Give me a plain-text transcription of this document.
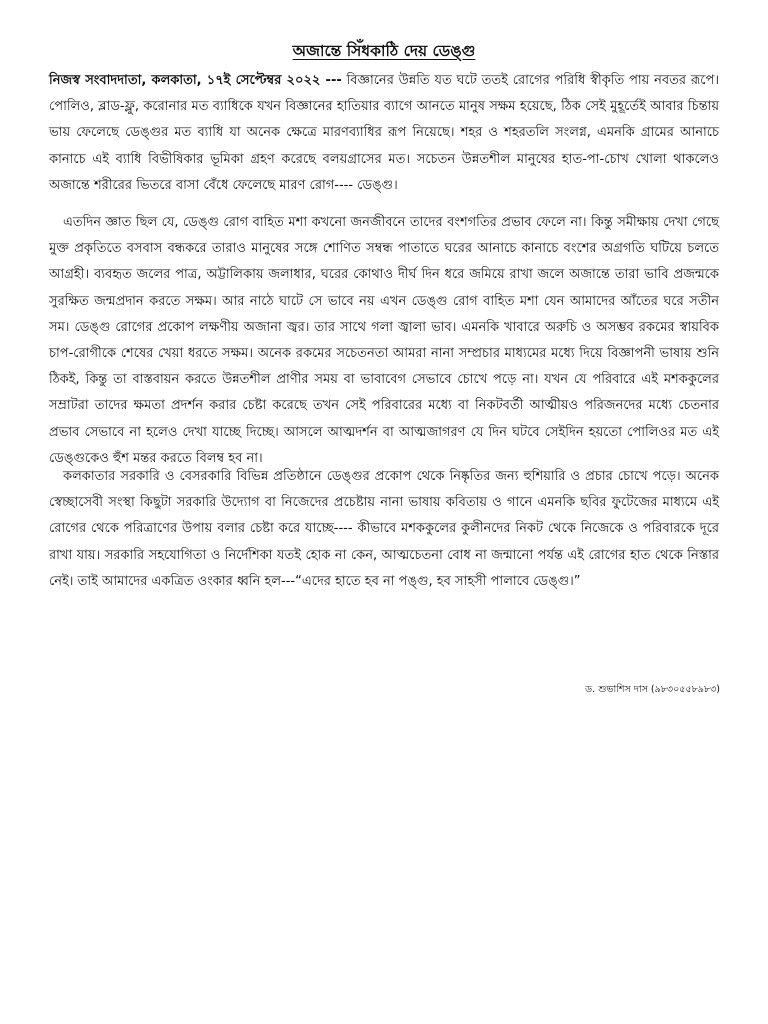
অজান্তে সিঁধকাঠি দেয় ডেঙ্গু

নিজস্ব সংবাদদাতা, কলকাতা, ১৭ই সেপ্টেম্বর ২০২২ --- বিজ্ঞানের উন্নতি যত ঘটে ততই রোগের পরিধি স্বীকৃতি পায় নবতর রূপে। পোলিও, ব্লাড-ফ্লু, করোনার মত ব্যাধিকে যখন বিজ্ঞানের হাতিয়ার ব্যাগে আনতে মানুষ সক্ষম হয়েছে, ঠিক সেই মুহূর্তেই আবার চিন্তায় ভায় ফেলেছে ডেঙ্গুর মত ব্যাধি যা অনেক ক্ষেত্রে মারণব্যাধির রূপ নিয়েছে। শহর ও শহরতলি সংলগ্ন, এমনকি গ্রামের আনাচে কানাচে এই ব্যাধি বিভীষিকার ভূমিকা গ্রহণ করেছে বলয়গ্রাসের মত। সচেতন উন্নতশীল মানুষের হাত-পা-চোখ খোলা থাকলেও অজান্তে শরীরের ভিতরে বাসা বেঁধে ফেলেছে মারণ রোগ---- ডেঙ্গু।

এতদিন জ্ঞাত ছিল যে, ডেঙ্গু রোগ বাহিত মশা কখনো জনজীবনে তাদের বংশগতির প্রভাব ফেলে না। কিন্তু সমীক্ষায় দেখা গেছে মুক্ত প্রকৃতিতে বসবাস বন্ধকরে তারাও মানুষের সঙ্গে শোণিত সম্বন্ধ পাতাতে ঘরের আনাচে কানাচে বংশের অগ্রগতি ঘটিয়ে চলতে আগ্রহী। ব্যবহৃত জলের পাত্র, অট্টালিকায় জলাধার, ঘরের কোথাও দীর্ঘ দিন ধরে জমিয়ে রাখা জলে অজান্তে তারা ভাবি প্রজন্মকে সুরক্ষিত জন্মপ্রদান করতে সক্ষম। আর নাঠে ঘাটে সে ভাবে নয় এখন ডেঙ্গু রোগ বাহিত মশা যেন আমাদের আঁতের ঘরে সতীন সম। ডেঙ্গু রোগের প্রকোপ লক্ষণীয় অজানা জ্বর। তার সাথে গলা জ্বালা ভাব। এমনকি খাবারে অরুচি ও অসম্ভব রকমের স্বায়বিক চাপ-রোগীকে শেষের খেয়া ধরতে সক্ষম। অনেক রকমের সচেতনতা আমরা নানা সম্প্রচার মাধ্যমের মধ্যে দিয়ে বিজ্ঞাপনী ভাষায় শুনি ঠিকই, কিন্তু তা বাস্তবায়ন করতে উন্নতশীল প্রাণীর সময় বা ভাবাবেগ সেভাবে চোখে পড়ে না। যখন যে পরিবারে এই মশককুলের সম্রাটরা তাদের ক্ষমতা প্রদর্শন করার চেষ্টা করেছে তখন সেই পরিবারের মধ্যে বা নিকটবর্তী আত্মীয়ও পরিজনদের মধ্যে চেতনার প্রভাব সেভাবে না হলেও দেখা যাচ্ছে দিচ্ছে। আসলে আত্মদর্শন বা আত্মজাগরণ যে দিন ঘটবে সেইদিন হয়তো পোলিওর মত এই ডেঙ্গুকেও হুঁশ মন্তর করতে বিলম্ব হব না।

কলকাতার সরকারি ও বেসরকারি বিভিন্ন প্রতিষ্ঠানে ডেঙ্গুর প্রকোপ থেকে নিষ্কৃতির জন্য হুশিয়ারি ও প্রচার চোখে পড়ে। অনেক স্বেচ্ছাসেবী সংস্থা কিছুটা সরকারি উদ্যোগ বা নিজেদের প্রচেষ্টায় নানা ভাষায় কবিতায় ও গানে এমনকি ছবির ফুটেজের মাধ্যমে এই রোগের থেকে পরিত্রাণের উপায় বলার চেষ্টা করে যাচ্ছে---- কীভাবে মশককুলের কুলীনদের নিকট থেকে নিজেকে ও পরিবারকে দূরে রাখা যায়। সরকারি সহযোগিতা ও নির্দেশিকা যতই হোক না কেন, আত্মচেতনা বোধ না জন্মানো পর্যন্ত এই রোগের হাত থেকে নিস্তার নেই। তাই আমাদের একত্রিত ওংকার ধ্বনি হল---“এদের হাতে হব না পঙ্গু, হব সাহসী পালাবে ডেঙ্গু।”

ড. শুভাশিস দাস (৯৮৩০৫৫৮৯৮৩)
